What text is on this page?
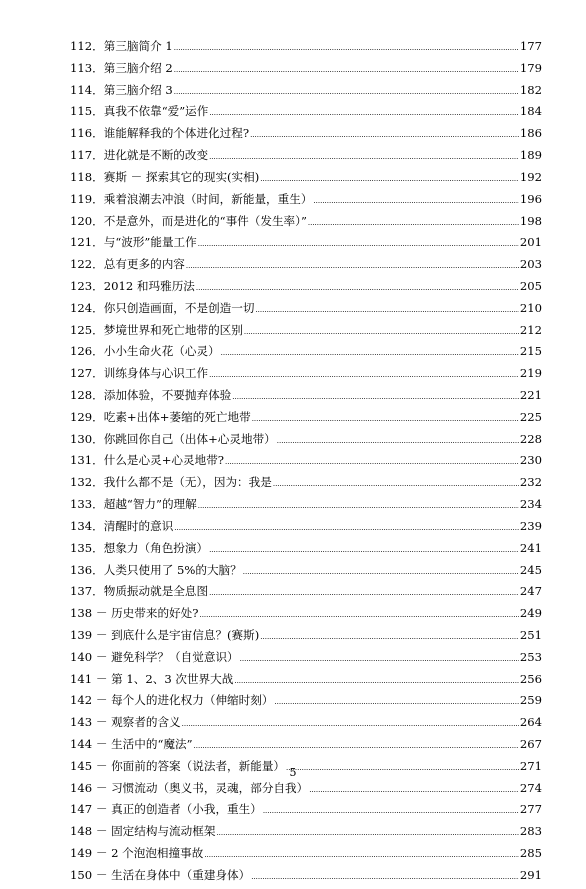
112．第三脑简介 1 .....	177
113．第三脑介绍 2 .....	179
114．第三脑介绍 3 .....	182
115．真我不依靠“爱”运作 .....	184
116．谁能解释我的个体进化过程? .....	186
117．进化就是不断的改变 .....	189
118．赛斯 － 探索其它的现实(实相) .....	192
119．乘着浪潮去冲浪（时间，新能量，重生） .....	196
120．不是意外，而是进化的“事件（发生率）” .....	198
121．与“波形”能量工作 .....	201
122．总有更多的内容 .....	203
123．2012 和玛雅历法 .....	205
124．你只创造画面，不是创造一切 .....	210
125．梦境世界和死亡地带的区别 .....	212
126．小小生命火花（心灵） .....	215
127．训练身体与心识工作 .....	219
128．添加体验，不要抛弃体验 .....	221
129．吃素+出体+萎缩的死亡地带 .....	225
130．你跳回你自己（出体+心灵地带） .....	228
131．什么是心灵+心灵地带? .....	230
132．我什么都不是（无），因为：我是 .....	232
133．超越“智力”的理解 .....	234
134．清醒时的意识 .....	239
135．想象力（角色扮演） .....	241
136．人类只使用了 5%的大脑？ .....	245
137．物质振动就是全息图 .....	247
138 － 历史带来的好处? .....	249
139 － 到底什么是宇宙信息？(赛斯) .....	251
140 － 避免科学？（自觉意识） .....	253
141 － 第 1、2、3 次世界大战 .....	256
142 － 每个人的进化权力（伸缩时刻） .....	259
143 － 观察者的含义 .....	264
144 － 生活中的“魔法” .....	267
145 － 你面前的答案（说法者，新能量） .....	271
146 － 习惯流动（奥义书，灵魂，部分自我） .....	274
147 － 真正的创造者（小我，重生） .....	277
148 － 固定结构与流动框架 .....	283
149 － 2 个泡泡相撞事故 .....	285
150 － 生活在身体中（重建身体） .....	291
5
